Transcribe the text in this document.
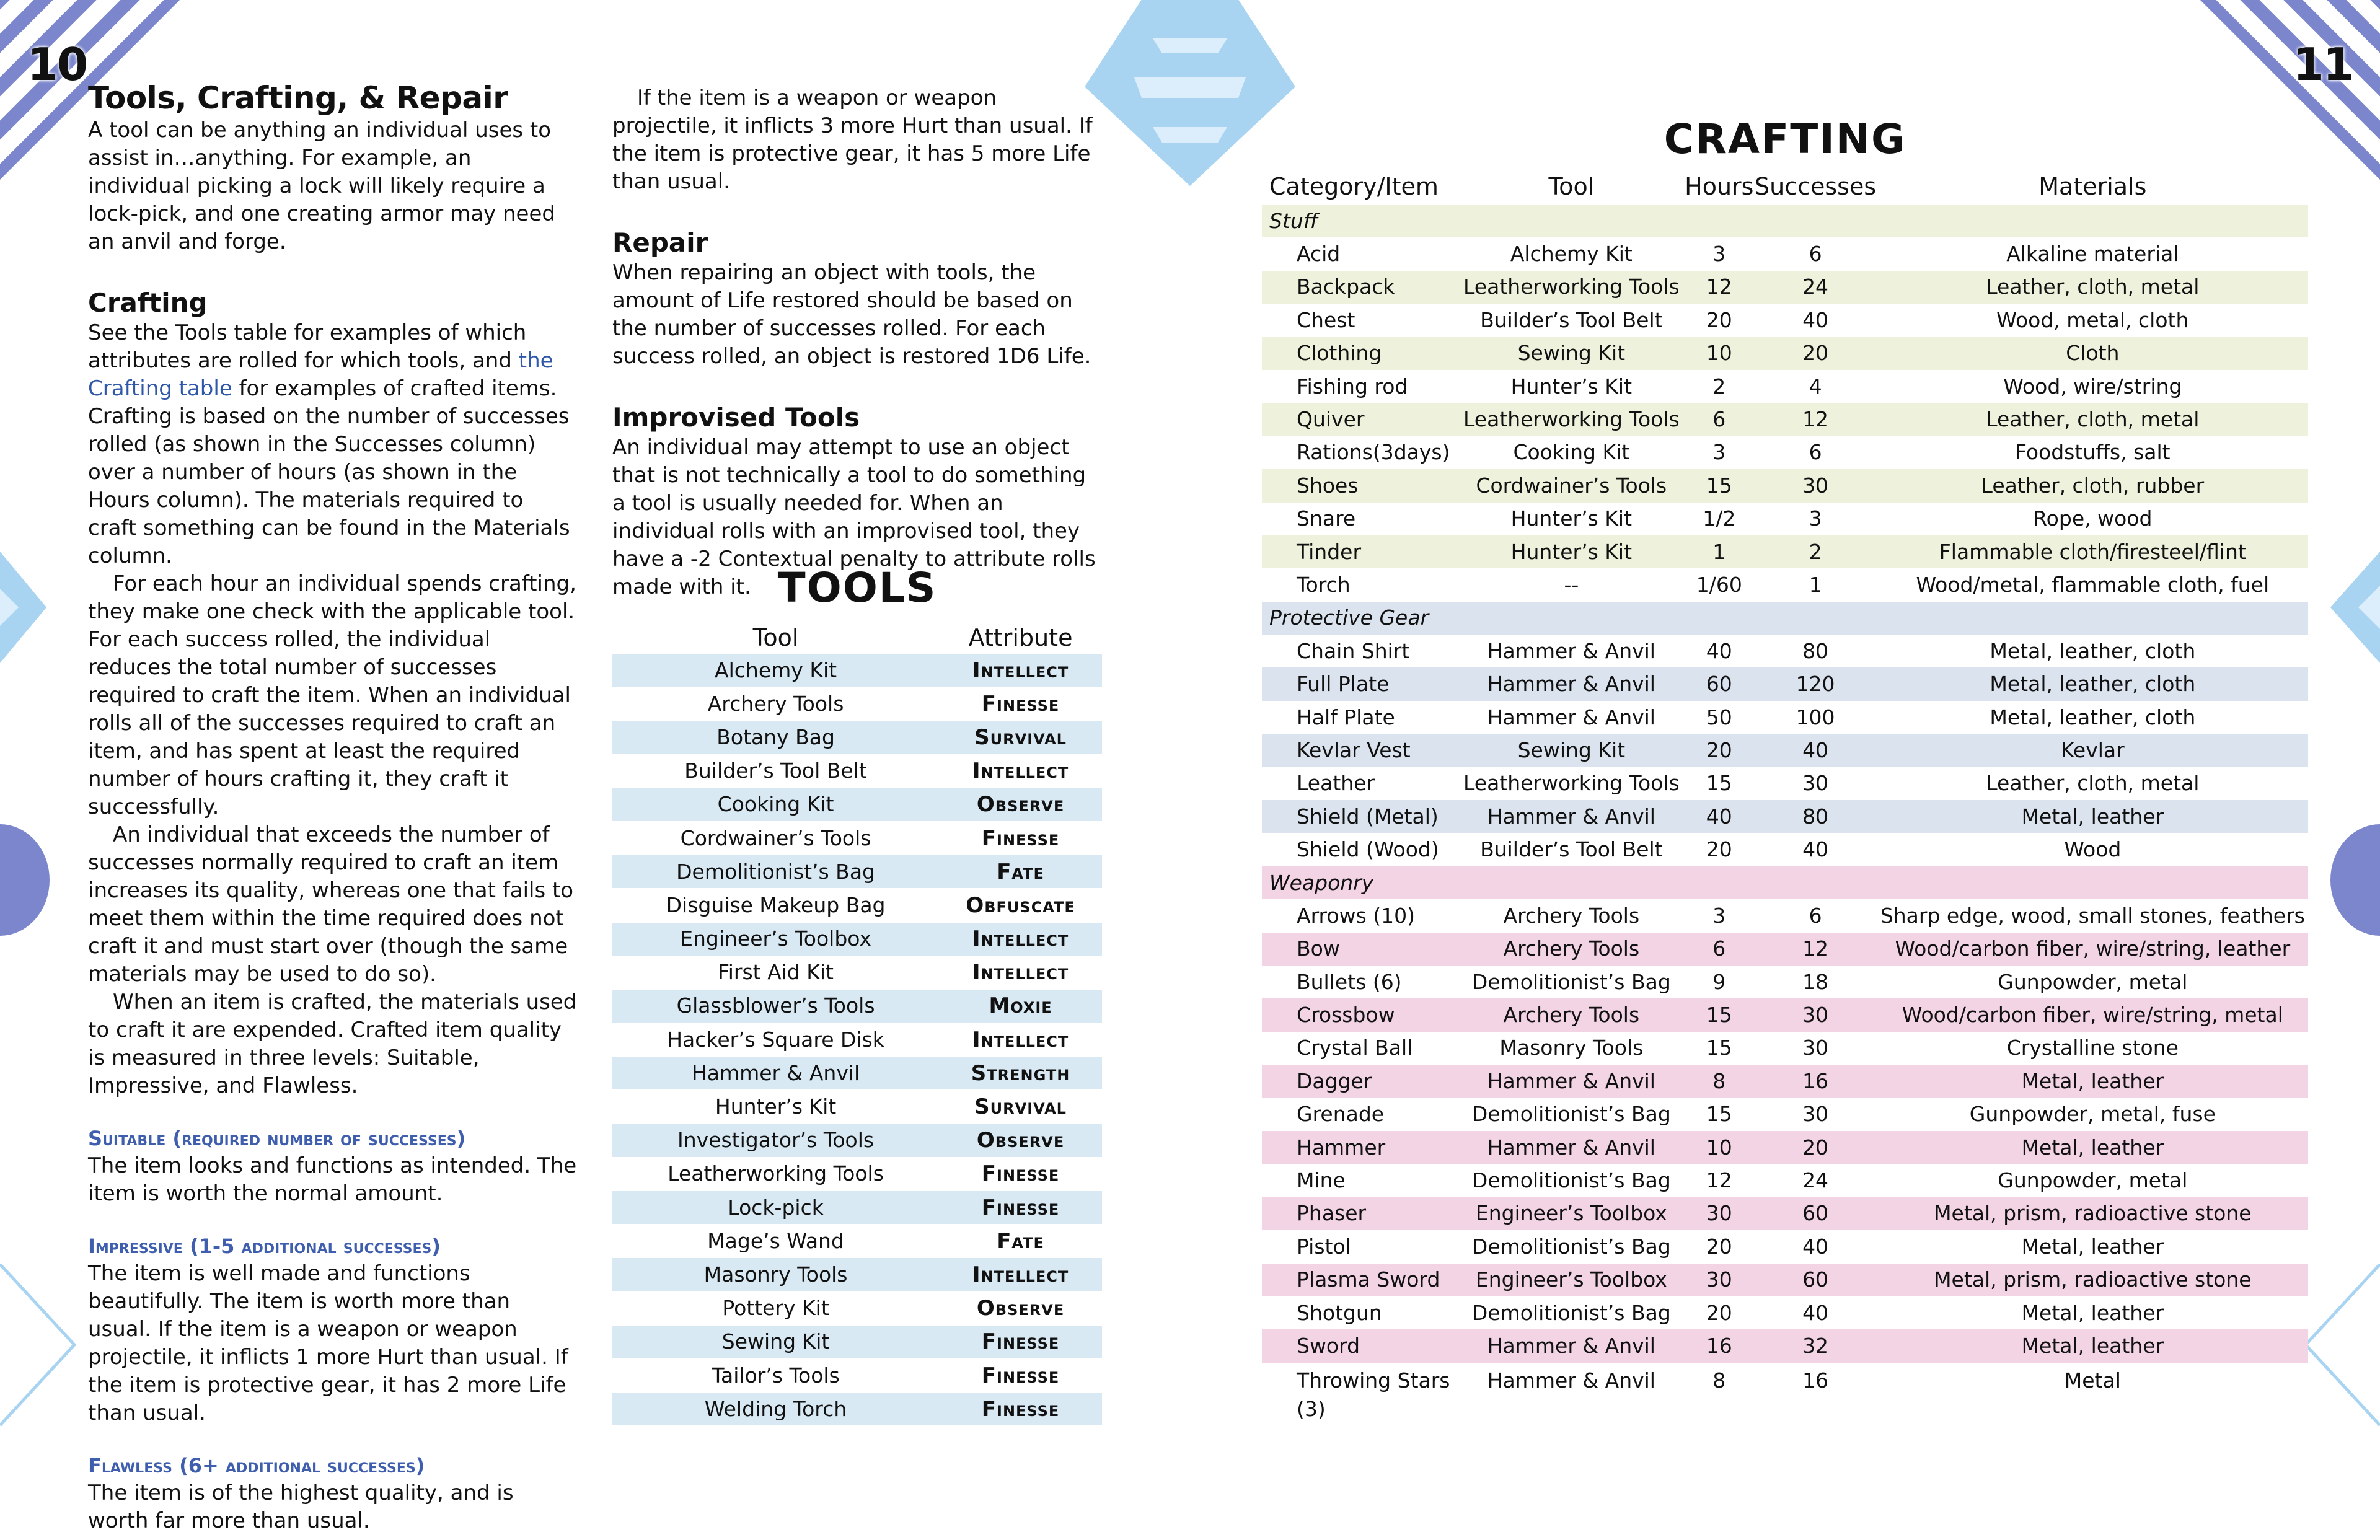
10	11
Tools, Crafting, & Repair

A tool can be anything an individual uses to assist in…anything. For example, an individual picking a lock will likely require a lock-pick, and one creating armor may need an anvil and forge.

Crafting

See the Tools table for examples of which attributes are rolled for which tools, and the Crafting table for examples of crafted items. Crafting is based on the number of successes rolled (as shown in the Successes column) over a number of hours (as shown in the Hours column). The materials required to craft something can be found in the Materials column.

For each hour an individual spends crafting, they make one check with the applicable tool. For each success rolled, the individual reduces the total number of successes required to craft the item. When an individual rolls all of the successes required to craft an item, and has spent at least the required number of hours crafting it, they craft it successfully.

An individual that exceeds the number of successes normally required to craft an item increases its quality, whereas one that fails to meet them within the time required does not craft it and must start over (though the same materials may be used to do so).

When an item is crafted, the materials used to craft it are expended. Crafted item quality is measured in three levels: Suitable, Impressive, and Flawless.

Suitable (required number of successes)

The item looks and functions as intended. The item is worth the normal amount.

Impressive (1-5 additional successes)

The item is well made and functions beautifully. The item is worth more than usual. If the item is a weapon or weapon projectile, it inflicts 1 more Hurt than usual. If the item is protective gear, it has 2 more Life than usual.

Flawless (6+ additional successes)

The item is of the highest quality, and is worth far more than usual.

If the item is a weapon or weapon projectile, it inflicts 3 more Hurt than usual. If the item is protective gear, it has 5 more Life than usual.

Repair

When repairing an object with tools, the amount of Life restored should be based on the number of successes rolled. For each success rolled, an object is restored 1D6 Life.

Improvised Tools

An individual may attempt to use an object that is not technically a tool to do something a tool is usually needed for. When an individual rolls with an improvised tool, they have a -2 Contextual penalty to attribute rolls made with it. TOOLS
Tool	Attribute
Alchemy Kit	Intellect
Archery Tools	Finesse
Botany Bag	Survival
Builder’s Tool Belt	Intellect
Cooking Kit	Observe
Cordwainer’s Tools	Finesse
Demolitionist’s Bag	Fate
Disguise Makeup Bag	Obfuscate
Engineer’s Toolbox	Intellect
First Aid Kit	Intellect
Glassblower’s Tools	Moxie
Hacker’s Square Disk	Intellect
Hammer & Anvil	Strength
Hunter’s Kit	Survival
Investigator’s Tools	Observe
Leatherworking Tools	Finesse
Lock-pick	Finesse
Mage’s Wand	Fate
Masonry Tools	Intellect
Pottery Kit	Observe
Sewing Kit	Finesse
Tailor’s Tools	Finesse
Welding Torch	Finesse
CRAFTING
Category/Item	Tool	Hours	Successes	Materials
Stuff				
Acid	Alchemy Kit	3	6	Alkaline material
Backpack	Leatherworking Tools	12	24	Leather, cloth, metal
Chest	Builder’s Tool Belt	20	40	Wood, metal, cloth
Clothing	Sewing Kit	10	20	Cloth
Fishing rod	Hunter’s Kit	2	4	Wood, wire/string
Quiver	Leatherworking Tools	6	12	Leather, cloth, metal
Rations(3days)	Cooking Kit	3	6	Foodstuffs, salt
Shoes	Cordwainer’s Tools	15	30	Leather, cloth, rubber
Snare	Hunter’s Kit	1/2	3	Rope, wood
Tinder	Hunter’s Kit	1	2	Flammable cloth/firesteel/flint
Torch	--	1/60	1	Wood/metal, flammable cloth, fuel
Protective Gear				
Chain Shirt	Hammer & Anvil	40	80	Metal, leather, cloth
Full Plate	Hammer & Anvil	60	120	Metal, leather, cloth
Half Plate	Hammer & Anvil	50	100	Metal, leather, cloth
Kevlar Vest	Sewing Kit	20	40	Kevlar
Leather	Leatherworking Tools	15	30	Leather, cloth, metal
Shield (Metal)	Hammer & Anvil	40	80	Metal, leather
Shield (Wood)	Builder’s Tool Belt	20	40	Wood
Weaponry				
Arrows (10)	Archery Tools	3	6	Sharp edge, wood, small stones, feathers
Bow	Archery Tools	6	12	Wood/carbon fiber, wire/string, leather
Bullets (6)	Demolitionist’s Bag	9	18	Gunpowder, metal
Crossbow	Archery Tools	15	30	Wood/carbon fiber, wire/string, metal
Crystal Ball	Masonry Tools	15	30	Crystalline stone
Dagger	Hammer & Anvil	8	16	Metal, leather
Grenade	Demolitionist’s Bag	15	30	Gunpowder, metal, fuse
Hammer	Hammer & Anvil	10	20	Metal, leather
Mine	Demolitionist’s Bag	12	24	Gunpowder, metal
Phaser	Engineer’s Toolbox	30	60	Metal, prism, radioactive stone
Pistol	Demolitionist’s Bag	20	40	Metal, leather
Plasma Sword	Engineer’s Toolbox	30	60	Metal, prism, radioactive stone
Shotgun	Demolitionist’s Bag	20	40	Metal, leather
Sword	Hammer & Anvil	16	32	Metal, leather
Throwing Stars (3)	Hammer & Anvil	8	16	Metal
